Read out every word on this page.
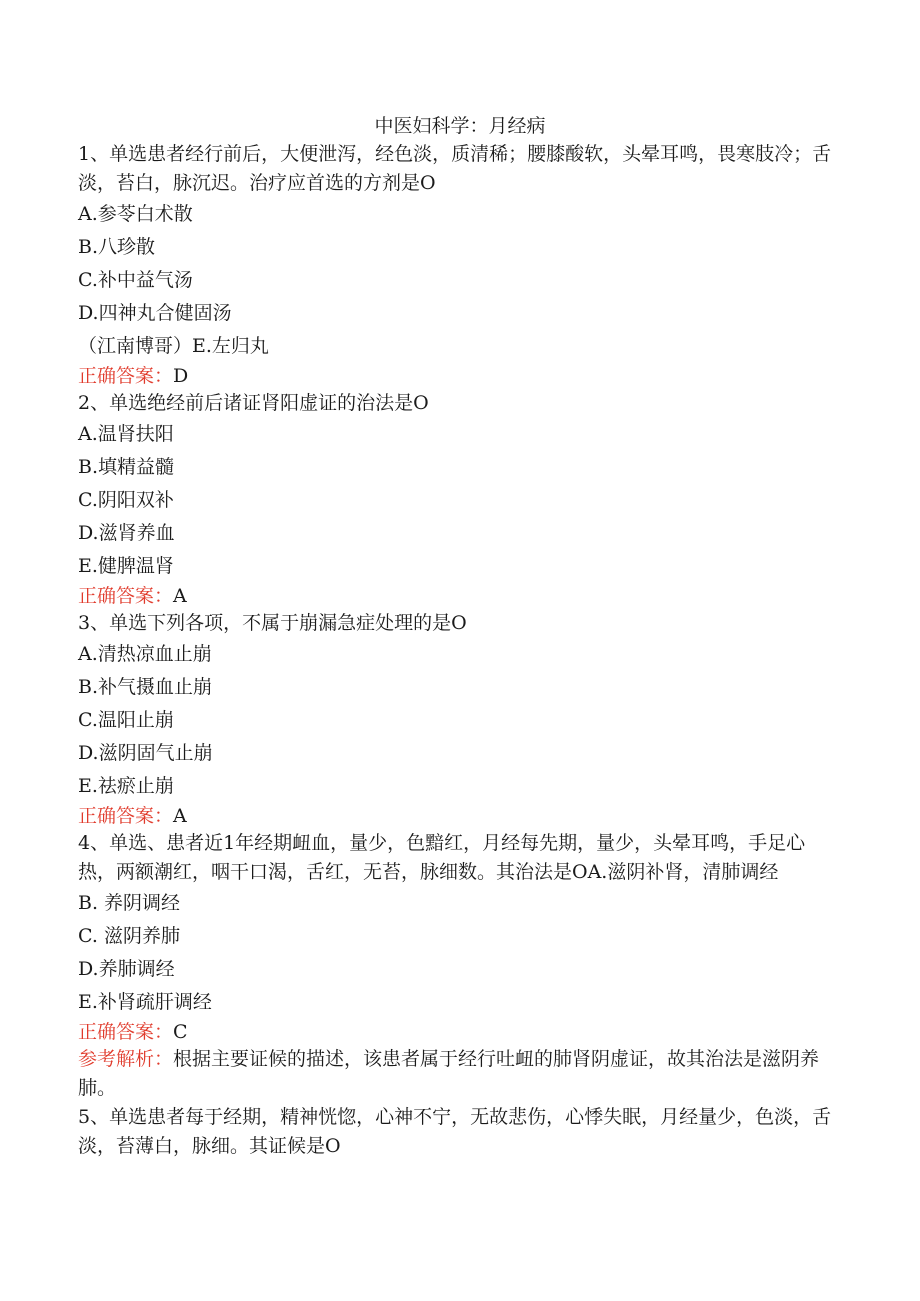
中医妇科学：月经病

1、单选患者经行前后，大便泄泻，经色淡，质清稀；腰膝酸软，头晕耳鸣，畏寒肢冷；舌淡，苔白，脉沉迟。治疗应首选的方剂是O

A.参苓白术散

B.八珍散

C.补中益气汤

D.四神丸合健固汤

（江南博哥）E.左归丸

正确答案：D

2、单选绝经前后诸证肾阳虚证的治法是O

A.温肾扶阳

B.填精益髓

C.阴阳双补

D.滋肾养血

E.健脾温肾

正确答案：A

3、单选下列各项，不属于崩漏急症处理的是O

A.清热凉血止崩

B.补气摄血止崩

C.温阳止崩

D.滋阴固气止崩

E.祛瘀止崩

正确答案：A

4、单选、患者近1年经期衄血，量少，色黯红，月经每先期，量少，头晕耳鸣，手足心热，两额潮红，咽干口渴，舌红，无苔，脉细数。其治法是OA.滋阴补肾，清肺调经

B. 养阴调经

C. 滋阴养肺

D.养肺调经

E.补肾疏肝调经

正确答案：C

参考解析：根据主要证候的描述，该患者属于经行吐衄的肺肾阴虚证，故其治法是滋阴养肺。

5、单选患者每于经期，精神恍惚，心神不宁，无故悲伤，心悸失眠，月经量少，色淡，舌淡，苔薄白，脉细。其证候是O
